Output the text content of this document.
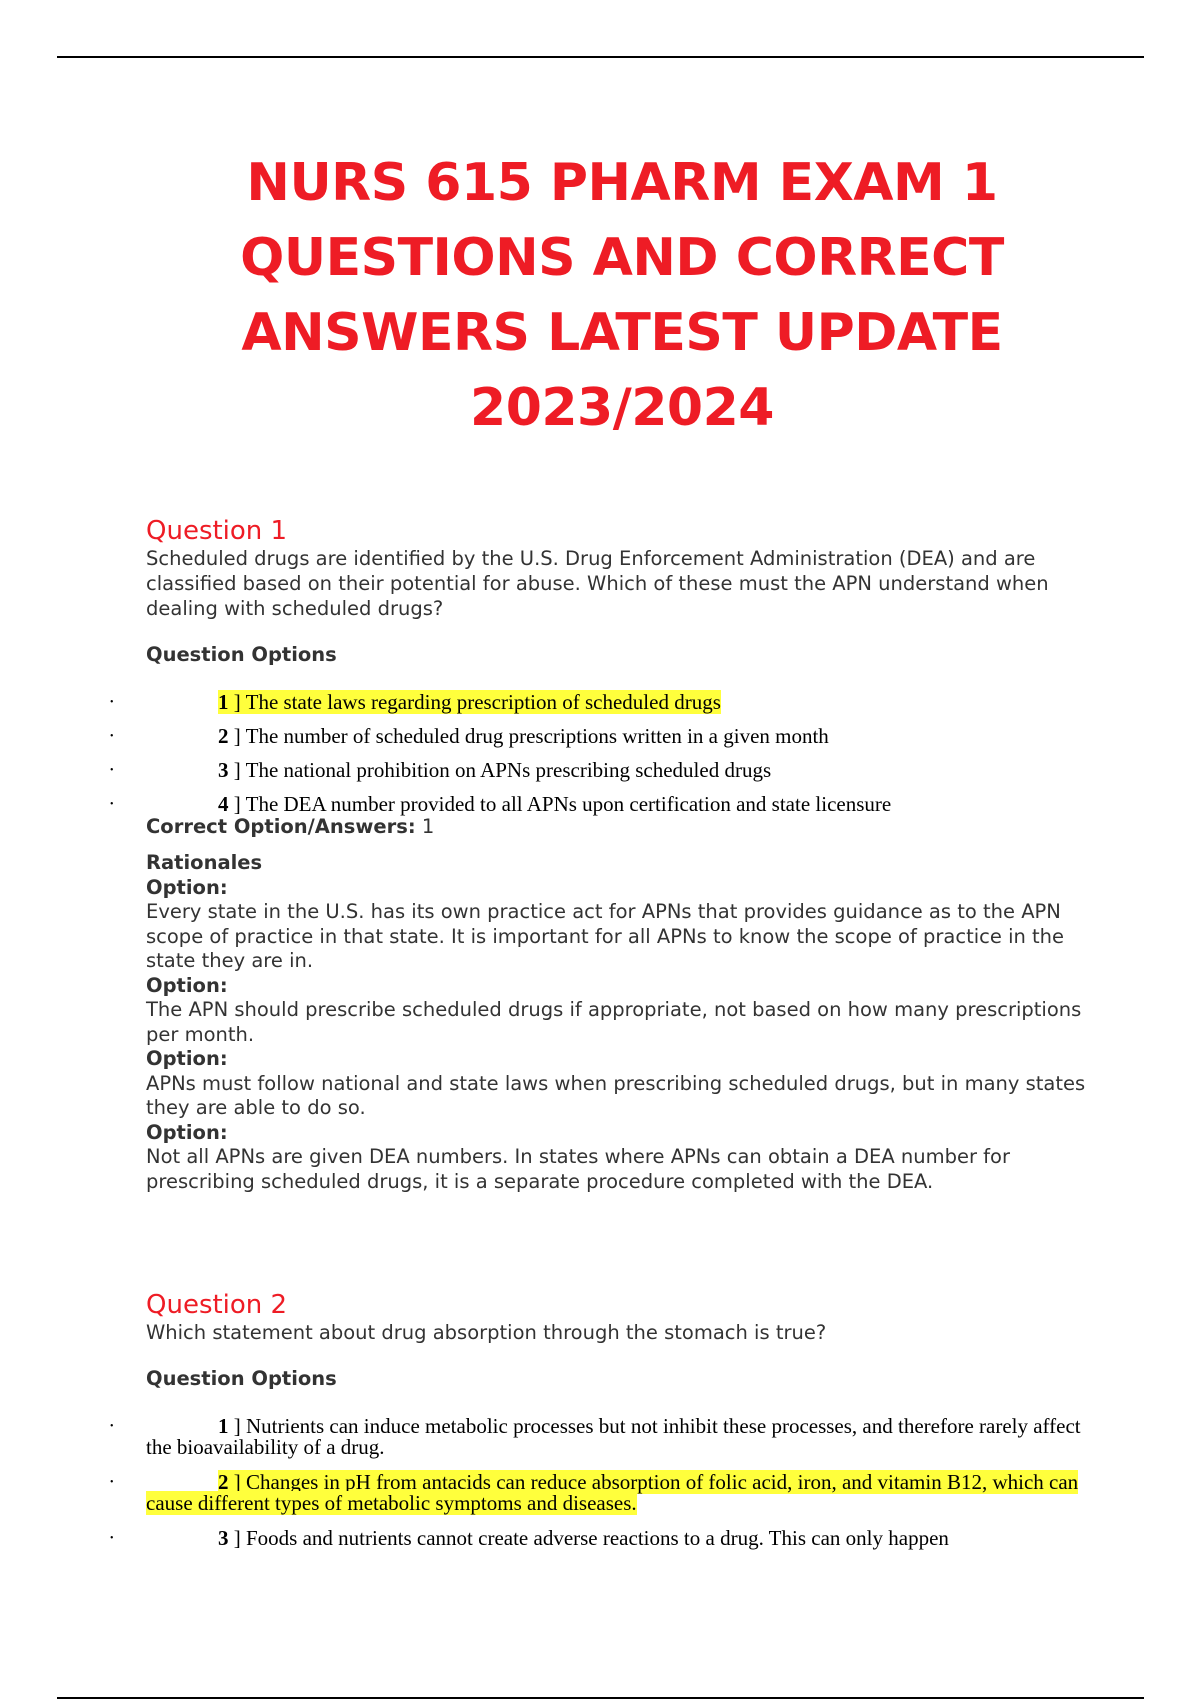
NURS 615 PHARM EXAM 1
QUESTIONS AND CORRECT
ANSWERS LATEST UPDATE
2023/2024
Question 1

Scheduled drugs are identified by the U.S. Drug Enforcement Administration (DEA) and are classified based on their potential for abuse. Which of these must the APN understand when dealing with scheduled drugs?

Question Options

•	1 ] The state laws regarding prescription of scheduled drugs
•	2 ] The number of scheduled drug prescriptions written in a given month
•	3 ] The national prohibition on APNs prescribing scheduled drugs
•	4 ] The DEA number provided to all APNs upon certification and state licensure

Correct Option/Answers: 1

Rationales

Option:

Every state in the U.S. has its own practice act for APNs that provides guidance as to the APN scope of practice in that state. It is important for all APNs to know the scope of practice in the state they are in.

Option:

The APN should prescribe scheduled drugs if appropriate, not based on how many prescriptions per month.

Option:

APNs must follow national and state laws when prescribing scheduled drugs, but in many states they are able to do so.

Option:

Not all APNs are given DEA numbers. In states where APNs can obtain a DEA number for prescribing scheduled drugs, it is a separate procedure completed with the DEA.

Question 2

Which statement about drug absorption through the stomach is true?

Question Options

•	1 ] Nutrients can induce metabolic processes but not inhibit these processes, and therefore rarely affect the bioavailability of a drug.
•	2 ] Changes in pH from antacids can reduce absorption of folic acid, iron, and vitamin B12, which can cause different types of metabolic symptoms and diseases.
•	3 ] Foods and nutrients cannot create adverse reactions to a drug. This can only happen
